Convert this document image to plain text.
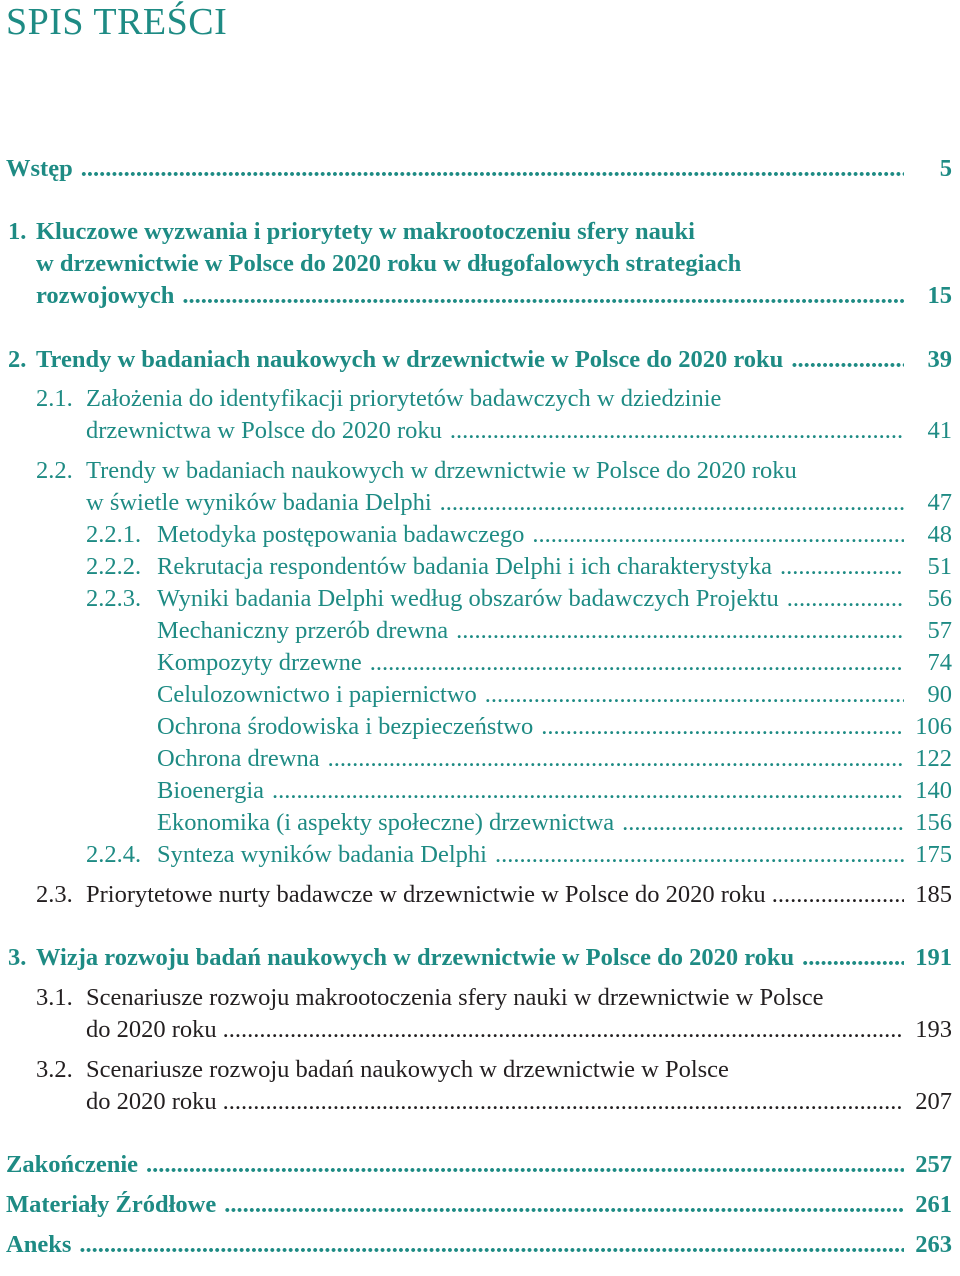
SPIS TREŚCI
Wstęp .....	5
1. Kluczowe wyzwania i priorytety w makrootoczeniu sfery nauki
w drzewnictwie w Polsce do 2020 roku w długofalowych strategiach
rozwojowych .....	15
2. Trendy w badaniach naukowych w drzewnictwie w Polsce do 2020 roku .....	39
2.1. Założenia do identyfikacji priorytetów badawczych w dziedzinie
drzewnictwa w Polsce do 2020 roku .....	41
2.2. Trendy w badaniach naukowych w drzewnictwie w Polsce do 2020 roku
w świetle wyników badania Delphi .....	47
2.2.1. Metodyka postępowania badawczego .....	48
2.2.2. Rekrutacja respondentów badania Delphi i ich charakterystyka .....	51
2.2.3. Wyniki badania Delphi według obszarów badawczych Projektu .....	56
Mechaniczny przerób drewna .....	57
Kompozyty drzewne .....	74
Celulozownictwo i papiernictwo .....	90
Ochrona środowiska i bezpieczeństwo .....	106
Ochrona drewna .....	122
Bioenergia .....	140
Ekonomika (i aspekty społeczne) drzewnictwa .....	156
2.2.4. Synteza wyników badania Delphi .....	175
2.3. Priorytetowe nurty badawcze w drzewnictwie w Polsce do 2020 roku .....	185
3. Wizja rozwoju badań naukowych w drzewnictwie w Polsce do 2020 roku .....	191
3.1. Scenariusze rozwoju makrootoczenia sfery nauki w drzewnictwie w Polsce
do 2020 roku .....	193
3.2. Scenariusze rozwoju badań naukowych w drzewnictwie w Polsce
do 2020 roku .....	207
Zakończenie .....	257
Materiały Źródłowe .....	261
Aneks .....	263
